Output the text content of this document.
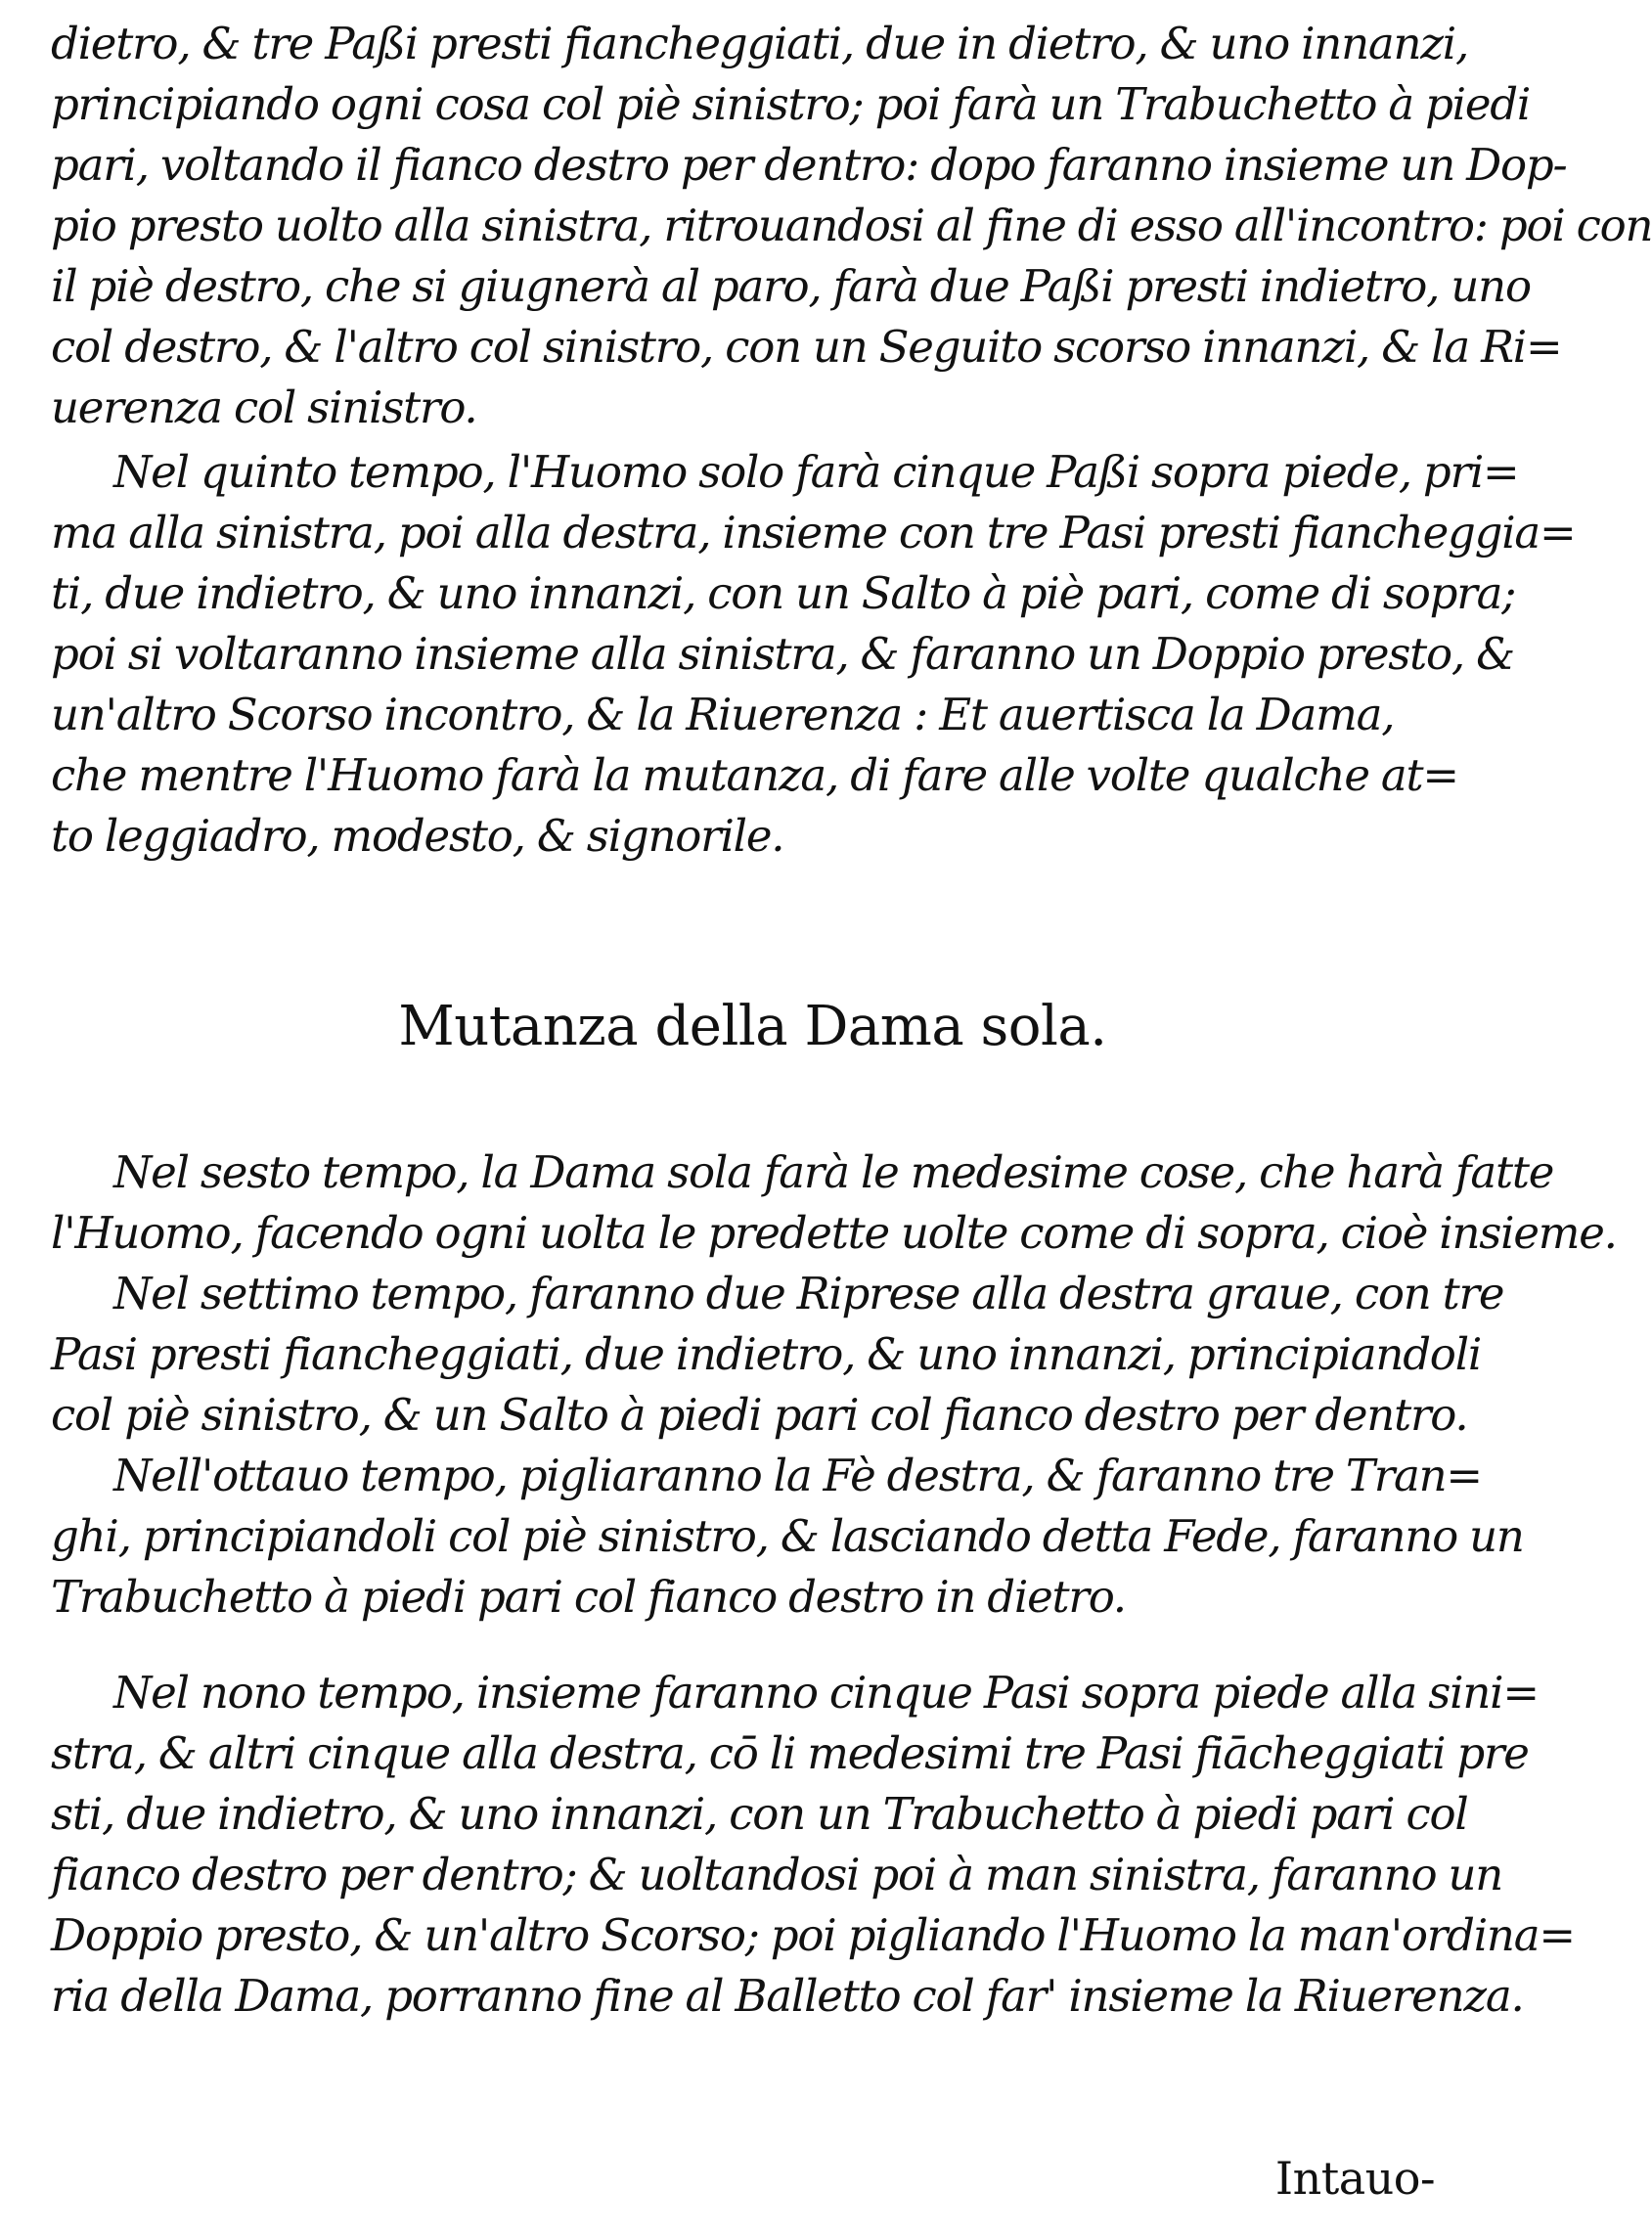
dietro, & tre Paßi presti fiancheggiati, due in dietro, & uno innanzi,
principiando ogni cosa col piè sinistro; poi farà un Trabuchetto à piedi
pari, voltando il fianco destro per dentro: dopo faranno insieme un Dop-
pio presto uolto alla sinistra, ritrouandosi al fine di esso all'incontro: poi con
il piè destro, che si giugnerà al paro, farà due Paßi presti indietro, uno
col destro, & l'altro col sinistro, con un Seguito scorso innanzi, & la Ri=
uerenza col sinistro.
Nel quinto tempo, l'Huomo solo farà cinque Paßi sopra piede, pri=
ma alla sinistra, poi alla destra, insieme con tre Pasi presti fiancheggia=
ti, due indietro, & uno innanzi, con un Salto à piè pari, come di sopra;
poi si voltaranno insieme alla sinistra, & faranno un Doppio presto, &
un'altro Scorso incontro, & la Riuerenza : Et auertisca la Dama,
che mentre l'Huomo farà la mutanza, di fare alle volte qualche at=
to leggiadro, modesto, & signorile.
Mutanza della Dama sola.
Nel sesto tempo, la Dama sola farà le medesime cose, che harà fatte
l'Huomo, facendo ogni uolta le predette uolte come di sopra, cioè insieme.
Nel settimo tempo, faranno due Riprese alla destra graue, con tre
Pasi presti fiancheggiati, due indietro, & uno innanzi, principiandoli
col piè sinistro, & un Salto à piedi pari col fianco destro per dentro.
Nell'ottauo tempo, pigliaranno la Fè destra, & faranno tre Tran=
ghi, principiandoli col piè sinistro, & lasciando detta Fede, faranno un
Trabuchetto à piedi pari col fianco destro in dietro.
Nel nono tempo, insieme faranno cinque Pasi sopra piede alla sini=
stra, & altri cinque alla destra, cō li medesimi tre Pasi fiācheggiati pre
sti, due indietro, & uno innanzi, con un Trabuchetto à piedi pari col
fianco destro per dentro; & uoltandosi poi à man sinistra, faranno un
Doppio presto, & un'altro Scorso; poi pigliando l'Huomo la man'ordina=
ria della Dama, porranno fine al Balletto col far' insieme la Riuerenza.
Intauo-
